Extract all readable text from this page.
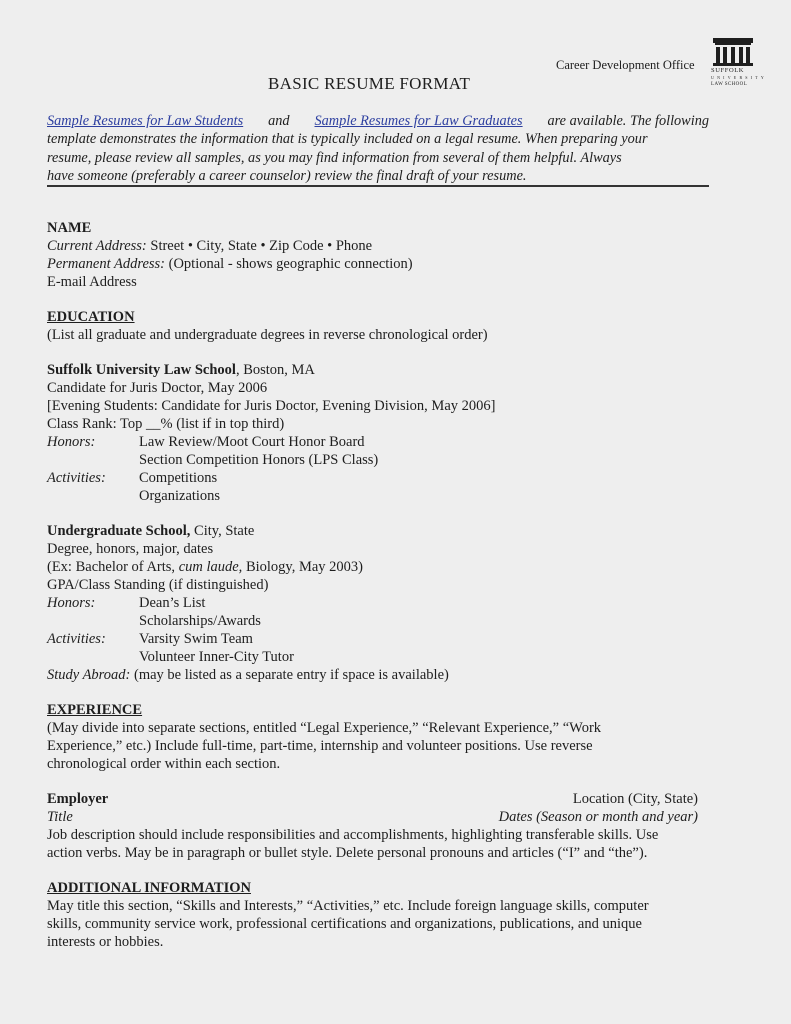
Career Development Office	SUFFOLK
UNIVERSITY
LAW SCHOOL
BASIC RESUME FORMAT
Sample Resumes for Law Students and Sample Resumes for Law Graduates are available. The following
template demonstrates the information that is typically included on a legal resume. When preparing your
resume, please review all samples, as you may find information from several of them helpful. Always
have someone (preferably a career counselor) review the final draft of your resume.
NAME
Current Address: Street • City, State • Zip Code • Phone
Permanent Address: (Optional - shows geographic connection)
E-mail Address
EDUCATION
(List all graduate and undergraduate degrees in reverse chronological order)
Suffolk University Law School, Boston, MA
Candidate for Juris Doctor, May 2006
[Evening Students: Candidate for Juris Doctor, Evening Division, May 2006]
Class Rank: Top __% (list if in top third)
Honors:	Law Review/Moot Court Honor Board
Section Competition Honors (LPS Class)
Activities: Competitions
Organizations
Undergraduate School, City, State
Degree, honors, major, dates
(Ex: Bachelor of Arts, cum laude, Biology, May 2003)
GPA/Class Standing (if distinguished)
Honors:	Dean’s List
Scholarships/Awards
Activities: Varsity Swim Team
Volunteer Inner-City Tutor
Study Abroad: (may be listed as a separate entry if space is available)
EXPERIENCE
(May divide into separate sections, entitled “Legal Experience,” “Relevant Experience,” “Work
Experience,” etc.) Include full-time, part-time, internship and volunteer positions. Use reverse
chronological order within each section.
Employer	Location (City, State)
Title	Dates (Season or month and year)
Job description should include responsibilities and accomplishments, highlighting transferable skills. Use
action verbs. May be in paragraph or bullet style. Delete personal pronouns and articles (“I” and “the”).
ADDITIONAL INFORMATION
May title this section, “Skills and Interests,” “Activities,” etc. Include foreign language skills, computer
skills, community service work, professional certifications and organizations, publications, and unique
interests or hobbies.
